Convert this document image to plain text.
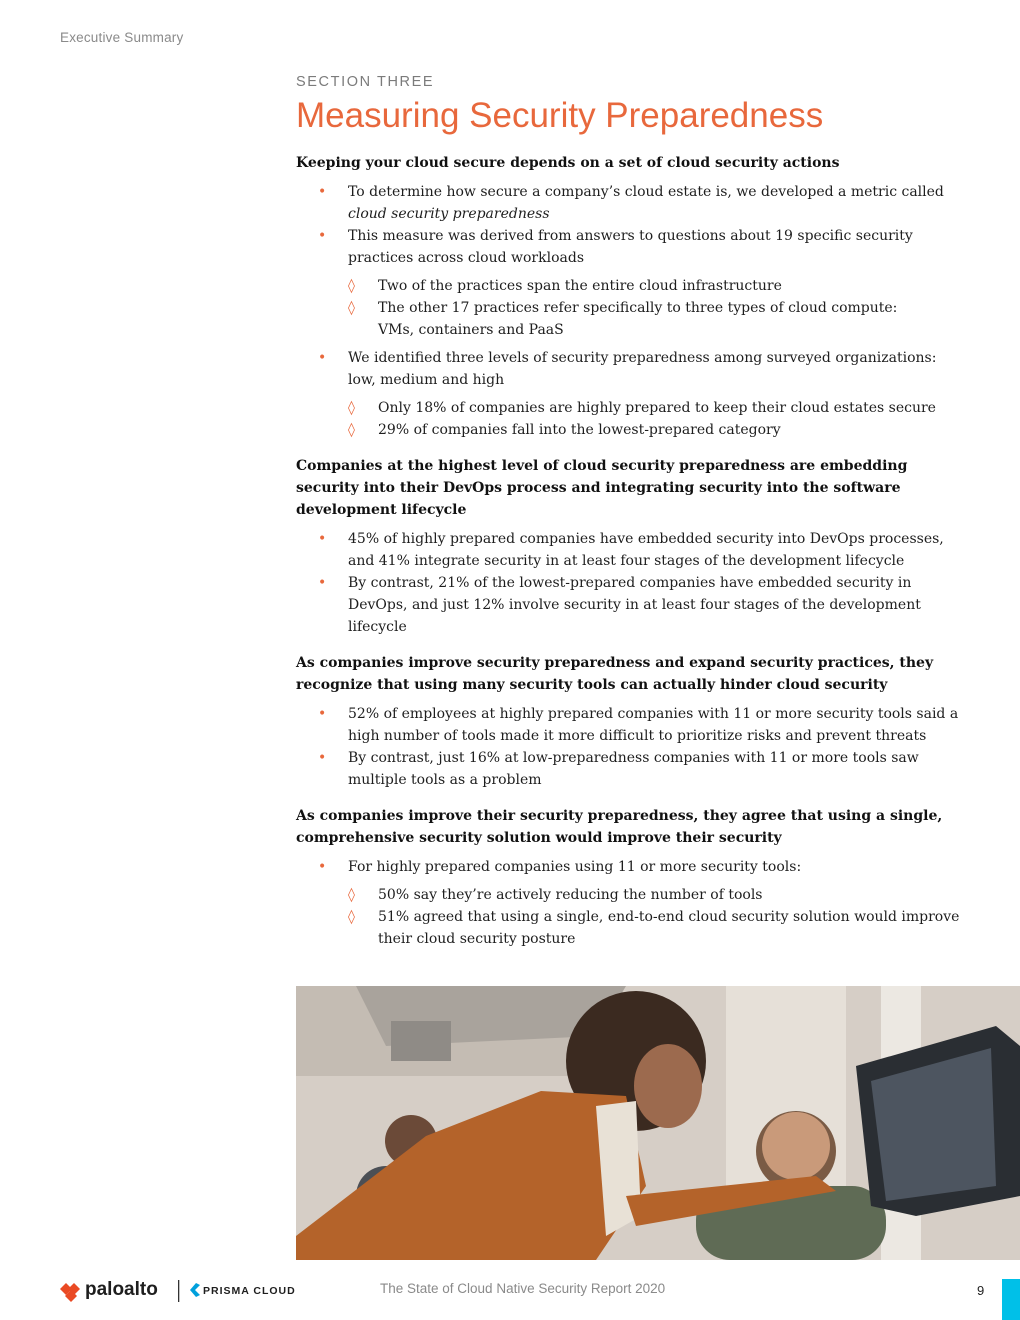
Executive Summary
SECTION THREE
Measuring Security Preparedness

Keeping your cloud secure depends on a set of cloud security actions

• To determine how secure a company’s cloud estate is, we developed a metric called cloud security preparedness
• This measure was derived from answers to questions about 19 specific security practices across cloud workloads
◊ Two of the practices span the entire cloud infrastructure
◊ The other 17 practices refer specifically to three types of cloud compute:
VMs, containers and PaaS
• We identified three levels of security preparedness among surveyed organizations: low, medium and high
◊ Only 18% of companies are highly prepared to keep their cloud estates secure
◊ 29% of companies fall into the lowest-prepared category

Companies at the highest level of cloud security preparedness are embedding security into their DevOps process and integrating security into the software development lifecycle

• 45% of highly prepared companies have embedded security into DevOps processes, and 41% integrate security in at least four stages of the development lifecycle
• By contrast, 21% of the lowest-prepared companies have embedded security in DevOps, and just 12% involve security in at least four stages of the development lifecycle

As companies improve security preparedness and expand security practices, they recognize that using many security tools can actually hinder cloud security

• 52% of employees at highly prepared companies with 11 or more security tools said a high number of tools made it more difficult to prioritize risks and prevent threats
• By contrast, just 16% at low-preparedness companies with 11 or more tools saw multiple tools as a problem

As companies improve their security preparedness, they agree that using a single, comprehensive security solution would improve their security

• For highly prepared companies using 11 or more security tools:
◊ 50% say they’re actively reducing the number of tools
◊ 51% agreed that using a single, end-to-end cloud security solution would improve their cloud security posture
paloalto	PRISMA CLOUD	The State of Cloud Native Security Report 2020	9
